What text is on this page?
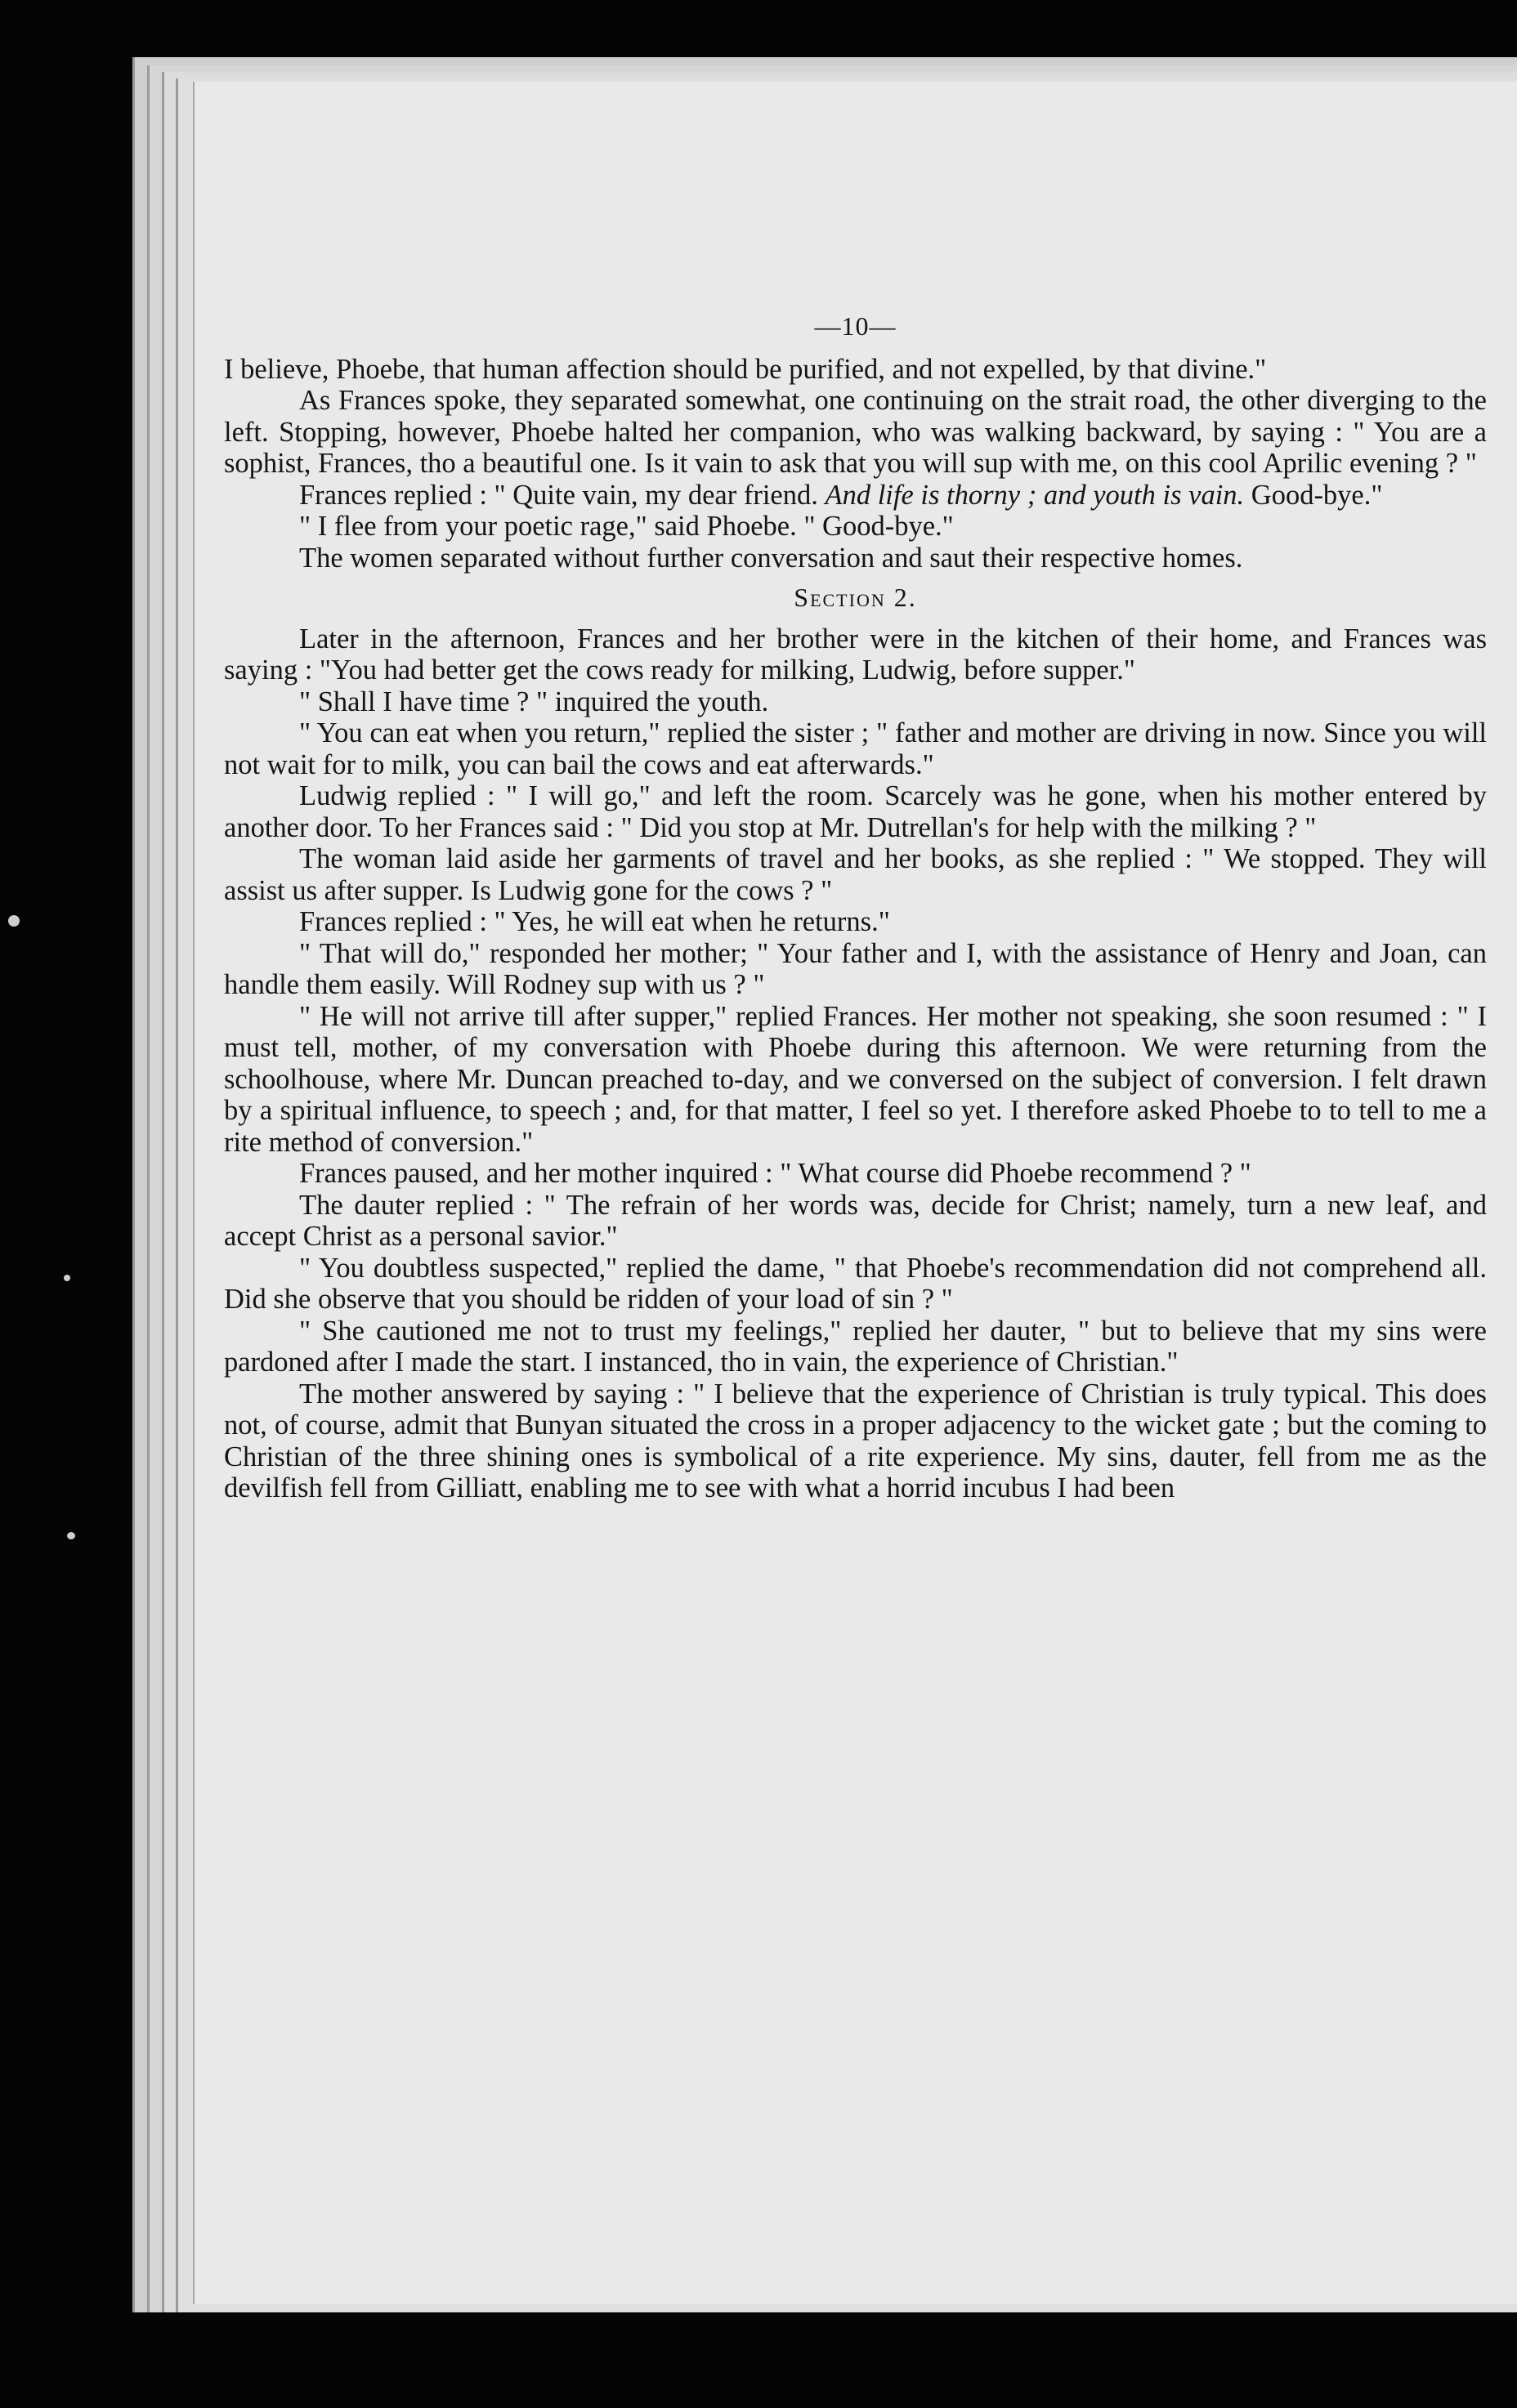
—10—

I believe, Phoebe, that human affection should be purified, and not expelled, by that divine."

As Frances spoke, they separated somewhat, one continuing on the strait road, the other diverging to the left. Stopping, however, Phoebe halted her companion, who was walking backward, by saying : " You are a sophist, Frances, tho a beautiful one. Is it vain to ask that you will sup with me, on this cool Aprilic evening ? "

Frances replied : " Quite vain, my dear friend. And life is thorny ; and youth is vain. Good-bye."

" I flee from your poetic rage," said Phoebe. " Good-bye."

The women separated without further conversation and saut their respective homes.

Section 2.

Later in the afternoon, Frances and her brother were in the kitchen of their home, and Frances was saying : "You had better get the cows ready for milking, Ludwig, before supper."

" Shall I have time ? " inquired the youth.

" You can eat when you return," replied the sister ; " father and mother are driving in now. Since you will not wait for to milk, you can bail the cows and eat afterwards."

Ludwig replied : " I will go," and left the room. Scarcely was he gone, when his mother entered by another door. To her Frances said : " Did you stop at Mr. Dutrellan's for help with the milking ? "

The woman laid aside her garments of travel and her books, as she replied : " We stopped. They will assist us after supper. Is Ludwig gone for the cows ? "

Frances replied : " Yes, he will eat when he returns."

" That will do," responded her mother; " Your father and I, with the assistance of Henry and Joan, can handle them easily. Will Rodney sup with us ? "

" He will not arrive till after supper," replied Frances. Her mother not speaking, she soon resumed : " I must tell, mother, of my conversation with Phoebe during this afternoon. We were returning from the schoolhouse, where Mr. Duncan preached to-day, and we conversed on the subject of conversion. I felt drawn by a spiritual influence, to speech ; and, for that matter, I feel so yet. I therefore asked Phoebe to to tell to me a rite method of conversion."

Frances paused, and her mother inquired : " What course did Phoebe recommend ? "

The dauter replied : " The refrain of her words was, decide for Christ; namely, turn a new leaf, and accept Christ as a personal savior."

" You doubtless suspected," replied the dame, " that Phoebe's recommendation did not comprehend all. Did she observe that you should be ridden of your load of sin ? "

" She cautioned me not to trust my feelings," replied her dauter, " but to believe that my sins were pardoned after I made the start. I instanced, tho in vain, the experience of Christian."

The mother answered by saying : " I believe that the experience of Christian is truly typical. This does not, of course, admit that Bunyan situated the cross in a proper adjacency to the wicket gate ; but the coming to Christian of the three shining ones is symbolical of a rite experience. My sins, dauter, fell from me as the devilfish fell from Gilliatt, enabling me to see with what a horrid incubus I had been
